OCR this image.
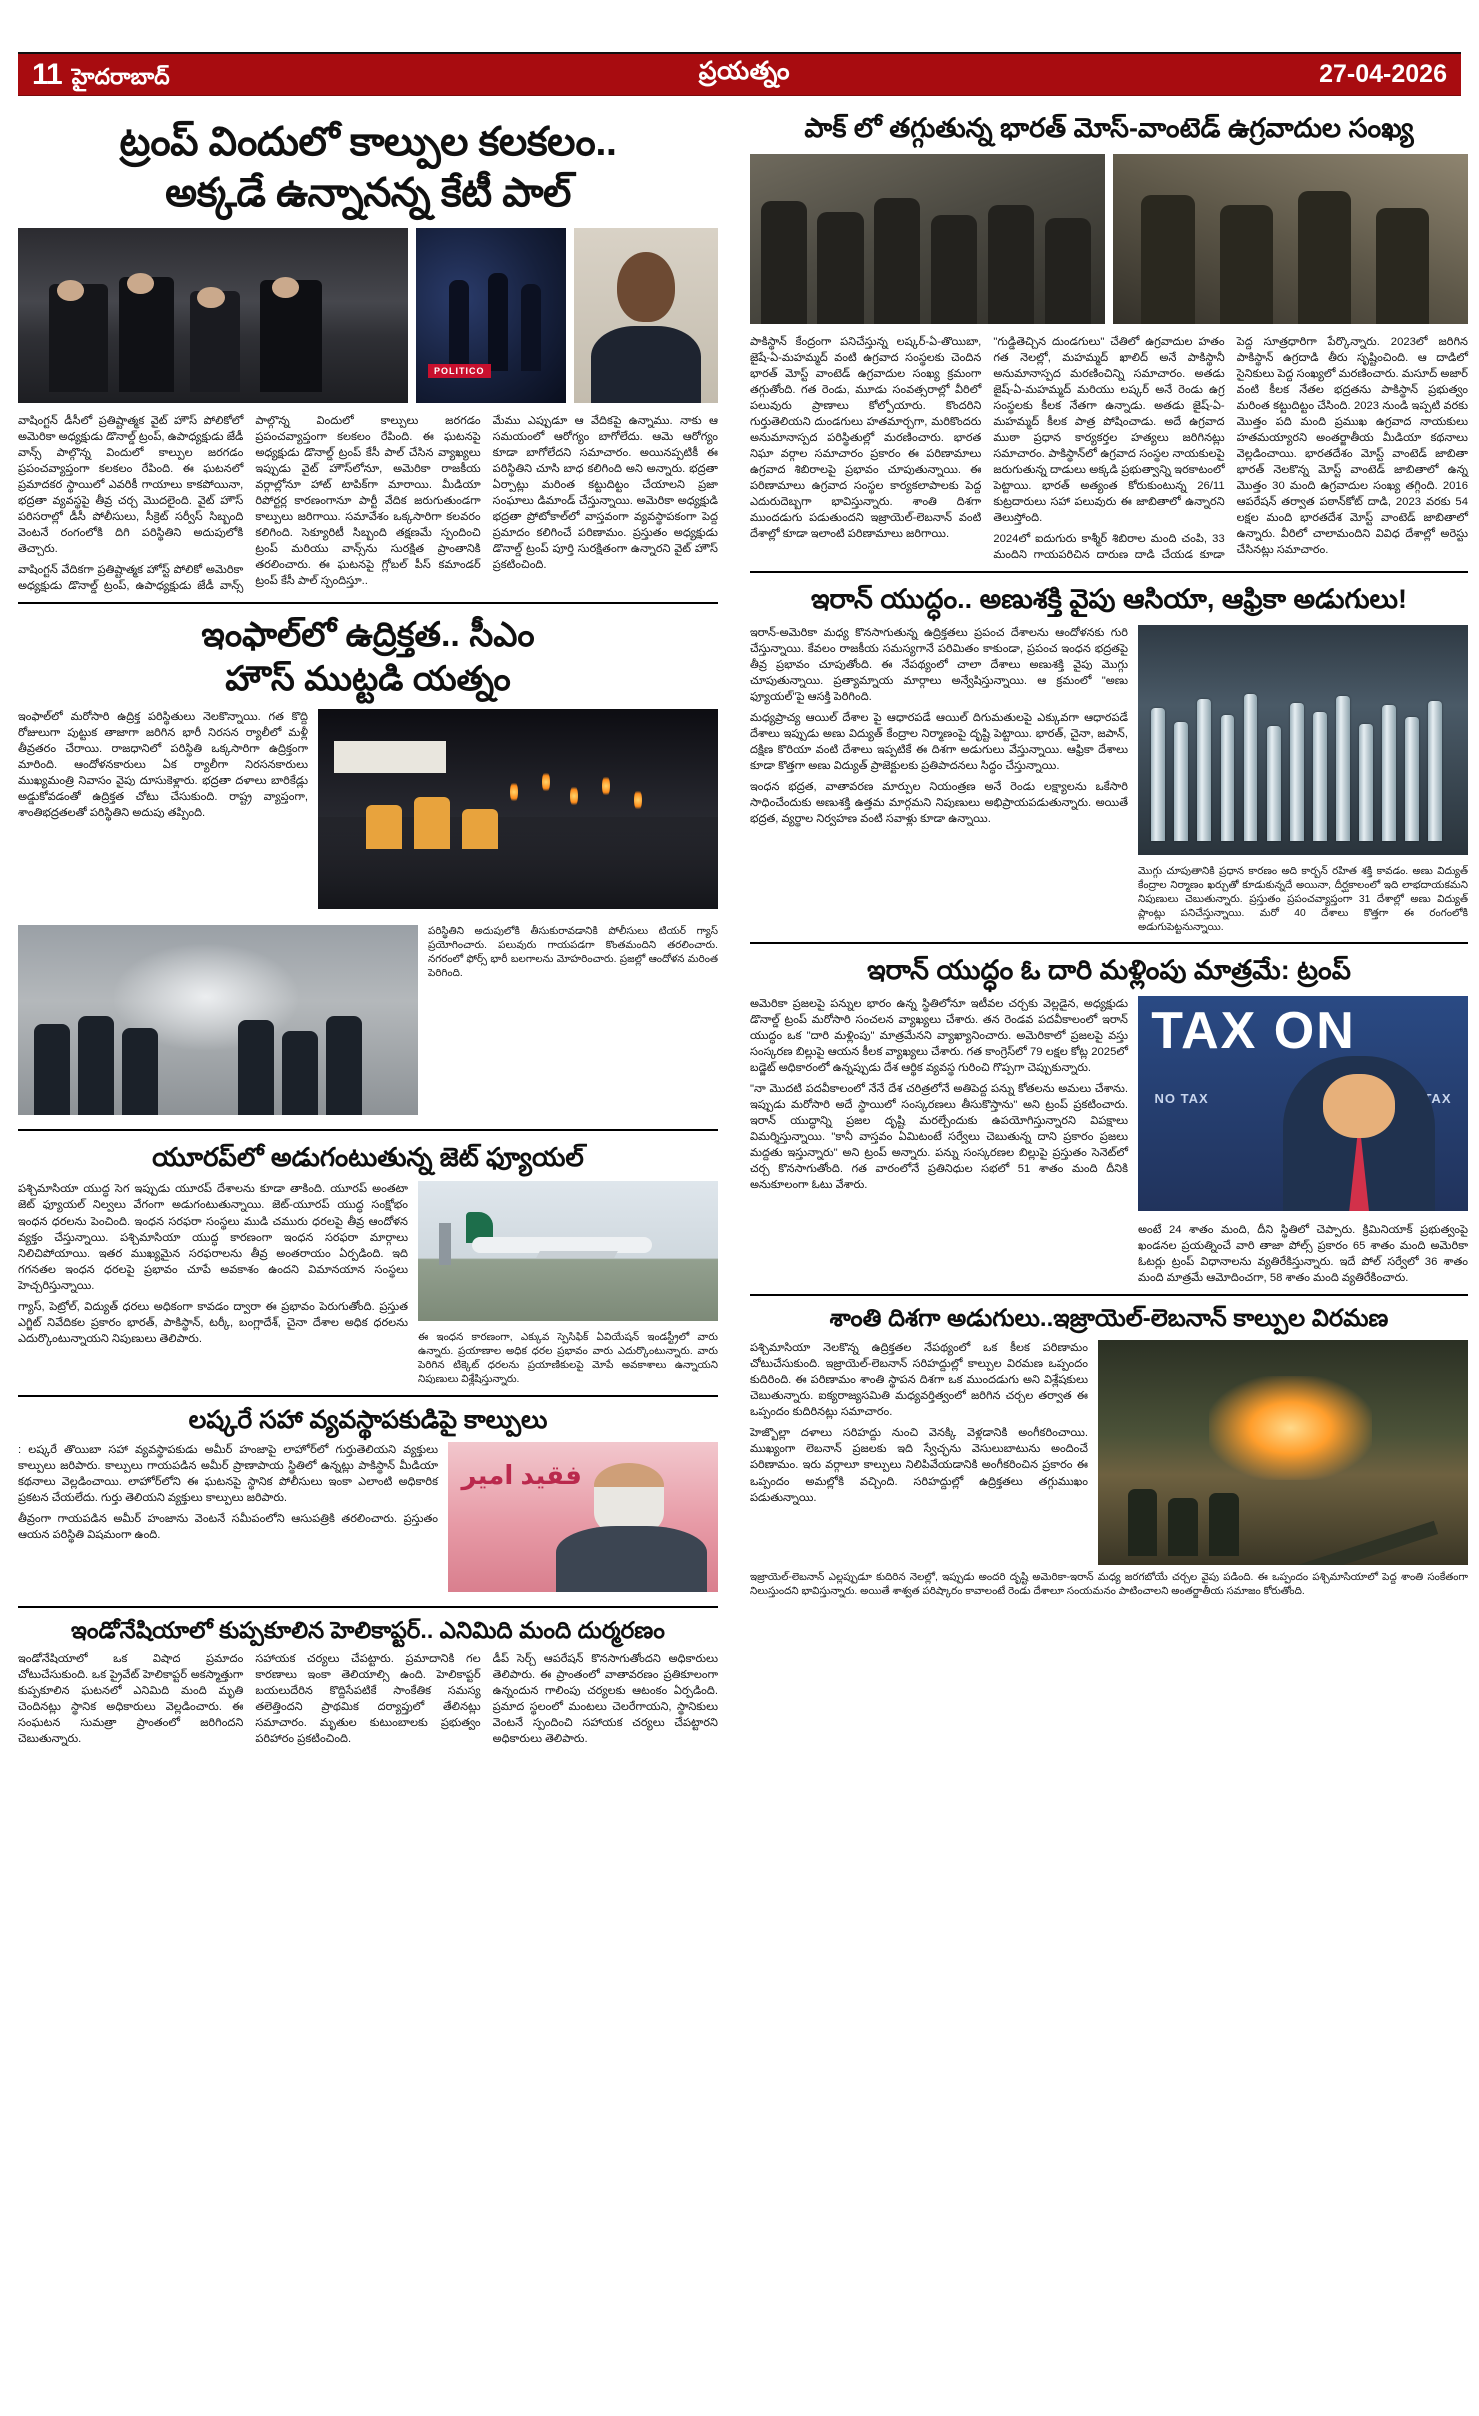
11 హైదరాబాద్	ప్రయత్నం	27-04-2026
ట్రంప్ విందులో కాల్పుల కలకలం..
అక్కడే ఉన్నానన్న కేటీ పాల్
POLITICO

వాషింగ్టన్ డీసీలో ప్రతిష్టాత్మక వైట్ హౌస్ పోలికోలో అమెరికా అధ్యక్షుడు డొనాల్డ్ ట్రంప్, ఉపాధ్యక్షుడు జేడీ వాన్స్ పాల్గొన్న విందులో కాల్పుల జరగడం ప్రపంచవ్యాప్తంగా కలకలం రేపింది. ఈ ఘటనలో ప్రమాదకర స్థాయిలో ఎవరికీ గాయాలు కాకపోయినా, భద్రతా వ్యవస్థపై తీవ్ర చర్చ మొదలైంది. వైట్ హౌస్ పరిసరాల్లో డీసీ పోలీసులు, సీక్రెట్ సర్వీస్ సిబ్బంది వెంటనే రంగంలోకి దిగి పరిస్థితిని అదుపులోకి తెచ్చారు.

వాషింగ్టన్ వేదికగా ప్రతిష్టాత్మక హోస్ట్ పోలికో అమెరికా అధ్యక్షుడు డొనాల్డ్ ట్రంప్, ఉపాధ్యక్షుడు జేడీ వాన్స్ పాల్గొన్న విందులో కాల్పులు జరగడం ప్రపంచవ్యాప్తంగా కలకలం రేపింది. ఈ ఘటనపై అధ్యక్షుడు డొనాల్డ్ ట్రంప్ కేసీ పాల్ చేసిన వ్యాఖ్యలు ఇప్పుడు వైట్ హౌస్‌లోనూ, అమెరికా రాజకీయ వర్గాల్లోనూ హాట్ టాపిక్‌గా మారాయి. మీడియా రిపోర్టర్ల కారణంగానూ పార్టీ వేదిక జరుగుతుండగా కాల్పులు జరిగాయి. సమావేశం ఒక్కసారిగా కలవరం కలిగింది. సెక్యూరిటీ సిబ్బంది తక్షణమే స్పందించి ట్రంప్ మరియు వాన్స్‌ను సురక్షిత ప్రాంతానికి తరలించారు. ఈ ఘటనపై గ్లోబల్ పీస్ కమాండర్ ట్రంప్ కేసీ పాల్ స్పందిస్తూ..

మేము ఎప్పుడూ ఆ వేదికపై ఉన్నాము. నాకు ఆ సమయంలో ఆరోగ్యం బాగోలేదు. ఆమె ఆరోగ్యం కూడా బాగోలేదని సమాచారం. అయినప్పటికీ ఈ పరిస్థితిని చూసి బాధ కలిగింది అని అన్నారు. భద్రతా ఏర్పాట్లు మరింత కట్టుదిట్టం చేయాలని ప్రజా సంఘాలు డిమాండ్ చేస్తున్నాయి. అమెరికా అధ్యక్షుడి భద్రతా ప్రోటోకాల్‌లో వాస్తవంగా వ్యవస్థాపకంగా పెద్ద ప్రమాదం కలిగించే పరిణామం. ప్రస్తుతం అధ్యక్షుడు డొనాల్డ్ ట్రంప్ పూర్తి సురక్షితంగా ఉన్నారని వైట్ హౌస్ ప్రకటించింది.

ఇంఫాల్‌లో ఉద్రిక్తత.. సీఎం
హౌస్ ముట్టడి యత్నం
ఇంఫాల్‌లో మరోసారి ఉద్రిక్త పరిస్థితులు నెలకొన్నాయి. గత కొద్ది రోజులుగా పుట్టుక తాజాగా జరిగిన భారీ నిరసన ర్యాలీలో మళ్లీ తీవ్రతరం చేరాయి. రాజధానిలో పరిస్థితి ఒక్కసారిగా ఉద్రిక్తంగా మారింది. ఆందోళనకారులు ఏక ర్యాలీగా నిరసనకారులు ముఖ్యమంత్రి నివాసం వైపు దూసుకెళ్లారు. భద్రతా దళాలు బారికేడ్లు అడ్డుకోవడంతో ఉద్రిక్తత చోటు చేసుకుంది. రాష్ట్ర వ్యాప్తంగా, శాంతిభద్రతలతో పరిస్థితిని అదుపు తప్పింది.
పరిస్థితిని అదుపులోకి తీసుకురావడానికి పోలీసులు టియర్ గ్యాస్ ప్రయోగించారు. పలువురు గాయపడగా కొంతమందిని తరలించారు. నగరంలో ఫోర్స్ భారీ బలగాలను మోహరించారు. ప్రజల్లో ఆందోళన మరింత పెరిగింది.
యూరప్‌లో అడుగంటుతున్న జెట్ ఫ్యూయల్
పశ్చిమాసియా యుద్ధ సెగ ఇప్పుడు యూరప్ దేశాలను కూడా తాకింది. యూరప్ అంతటా జెట్ ఫ్యూయల్ నిల్వలు వేగంగా అడుగంటుతున్నాయి. జెట్-యూరప్ యుద్ధ సంక్షోభం ఇంధన ధరలను పెంచింది. ఇంధన సరఫరా సంస్థలు ముడి చమురు ధరలపై తీవ్ర ఆందోళన వ్యక్తం చేస్తున్నాయి. పశ్చిమాసియా యుద్ధ కారణంగా ఇంధన సరఫరా మార్గాలు నిలిచిపోయాయి. ఇతర ముఖ్యమైన సరఫరాలను తీవ్ర అంతరాయం ఏర్పడింది. ఇది గగనతల ఇంధన ధరలపై ప్రభావం చూపే అవకాశం ఉందని విమానయాన సంస్థలు హెచ్చరిస్తున్నాయి.
ఈ ఇంధన కారణంగా, ఎక్కువ స్పెసిఫిక్ ఏవియేషన్ ఇండస్ట్రీలో వారు ఉన్నారు. ప్రయాణాల అధిక ధరల ప్రభావం వారు ఎదుర్కొంటున్నారు. వారు పెరిగిన టిక్కెట్ ధరలను ప్రయాణికులపై మోపే అవకాశాలు ఉన్నాయని నిపుణులు విశ్లేషిస్తున్నారు.
గ్యాస్, పెట్రోల్, విద్యుత్ ధరలు అధికంగా కావడం ద్వారా ఈ ప్రభావం పెరుగుతోంది. ప్రస్తుత ఎగ్జిట్ నివేదికల ప్రకారం భారత్, పాకిస్థాన్, టర్కీ, బంగ్లాదేశ్, చైనా దేశాల అధిక ధరలను ఎదుర్కొంటున్నాయని నిపుణులు తెలిపారు.
లష్కరే సహా వ్యవస్థాపకుడిపై కాల్పులు
فقید امیر
: లష్కరే తొయిబా సహా వ్యవస్థాపకుడు అమీర్ హంజాపై లాహోర్‌లో గుర్తుతెలియని వ్యక్తులు కాల్పులు జరిపారు. కాల్పులు గాయపడిన అమీర్ ప్రాణాపాయ స్థితిలో ఉన్నట్లు పాకిస్థాన్ మీడియా కథనాలు వెల్లడించాయి. లాహోర్‌లోని ఈ ఘటనపై స్థానిక పోలీసులు ఇంకా ఎలాంటి అధికారిక ప్రకటన చేయలేదు. గుర్తు తెలియని వ్యక్తులు కాల్పులు జరిపారు.
తీవ్రంగా గాయపడిన అమీర్ హంజాను వెంటనే సమీపంలోని ఆసుపత్రికి తరలించారు. ప్రస్తుతం ఆయన పరిస్థితి విషమంగా ఉంది.
ఇండోనేషియాలో కుప్పకూలిన హెలికాప్టర్.. ఎనిమిది మంది దుర్మరణం

ఇండోనేషియాలో ఒక విషాద ప్రమాదం చోటుచేసుకుంది. ఒక ప్రైవేట్ హెలికాప్టర్ అకస్మాత్తుగా కుప్పకూలిన ఘటనలో ఎనిమిది మంది మృతి చెందినట్లు స్థానిక అధికారులు వెల్లడించారు. ఈ సంఘటన సుమత్రా ప్రాంతంలో జరిగిందని చెబుతున్నారు.

సహాయక చర్యలు చేపట్టారు. ప్రమాదానికి గల కారణాలు ఇంకా తెలియాల్సి ఉంది. హెలికాప్టర్ బయలుదేరిన కొద్దిసేపటికే సాంకేతిక సమస్య తలెత్తిందని ప్రాథమిక దర్యాప్తులో తేలినట్లు సమాచారం. మృతుల కుటుంబాలకు ప్రభుత్వం పరిహారం ప్రకటించింది.

డీప్ సెర్చ్ ఆపరేషన్ కొనసాగుతోందని అధికారులు తెలిపారు. ఈ ప్రాంతంలో వాతావరణం ప్రతికూలంగా ఉన్నందున గాలింపు చర్యలకు ఆటంకం ఏర్పడింది. ప్రమాద స్థలంలో మంటలు చెలరేగాయని, స్థానికులు వెంటనే స్పందించి సహాయక చర్యలు చేపట్టారని అధికారులు తెలిపారు.

పాక్ లో తగ్గుతున్న భారత్ మోస్-వాంటెడ్ ఉగ్రవాదుల సంఖ్య

పాకిస్థాన్ కేంద్రంగా పనిచేస్తున్న లష్కర్-ఏ-తొయిబా, జైషే-ఏ-మహమ్మద్ వంటి ఉగ్రవాద సంస్థలకు చెందిన భారత్ మోస్ట్ వాంటెడ్ ఉగ్రవాదుల సంఖ్య క్రమంగా తగ్గుతోంది. గత రెండు, మూడు సంవత్సరాల్లో వీరిలో పలువురు ప్రాణాలు కోల్పోయారు. కొందరిని గుర్తుతెలియని దుండగులు హతమార్చగా, మరికొందరు అనుమానాస్పద పరిస్థితుల్లో మరణించారు. భారత నిఘా వర్గాల సమాచారం ప్రకారం ఈ పరిణామాలు ఉగ్రవాద శిబిరాలపై ప్రభావం చూపుతున్నాయి. ఈ పరిణామాలు ఉగ్రవాద సంస్థల కార్యకలాపాలకు పెద్ద ఎదురుదెబ్బగా భావిస్తున్నారు. శాంతి దిశగా ముందడుగు పడుతుందని ఇజ్రాయెల్-లెబనాన్ వంటి దేశాల్లో కూడా ఇలాంటి పరిణామాలు జరిగాయి.

"గుడ్డితెచ్చిన దుండగులు" చేతిలో ఉగ్రవాదుల హతం గత నెలల్లో, మహమ్మద్ ఖాలిద్ అనే పాకిస్థానీ అనుమానాస్పద మరణించిన్ని సమాచారం. అతడు జైష్-ఏ-మహమ్మద్ మరియు లష్కర్ అనే రెండు ఉగ్ర సంస్థలకు కీలక నేతగా ఉన్నాడు. అతడు జైష్-ఏ-మహమ్మద్ కీలక పాత్ర పోషించాడు. అదే ఉగ్రవాద ముఠా ప్రధాన కార్యకర్తల హత్యలు జరిగినట్లు సమాచారం. పాకిస్థాన్‌లో ఉగ్రవాద సంస్థల నాయకులపై జరుగుతున్న దాడులు అక్కడి ప్రభుత్వాన్ని ఇరకాటంలో పెట్టాయి. భారత్ అత్యంత కోరుకుంటున్న 26/11 కుట్రదారులు సహా పలువురు ఈ జాబితాలో ఉన్నారని తెలుస్తోంది.

2024లో ఐదుగురు కాశ్మీర్ శిబిరాల మంది చంపి, 33 మందిని గాయపరిచిన దారుణ దాడి చేయడ కూడా పెద్ద సూత్రధారిగా పేర్కొన్నారు. 2023లో జరిగిన పాకిస్థాన్ ఉగ్రదాడి తీరు సృష్టించింది. ఆ దాడిలో సైనికులు పెద్ద సంఖ్యలో మరణించారు. మసూద్ అజార్ వంటి కీలక నేతల భద్రతను పాకిస్థాన్ ప్రభుత్వం మరింత కట్టుదిట్టం చేసింది. 2023 నుండి ఇప్పటి వరకు మొత్తం పది మంది ప్రముఖ ఉగ్రవాద నాయకులు హతమయ్యారని అంతర్జాతీయ మీడియా కథనాలు వెల్లడించాయి. భారతదేశం మోస్ట్ వాంటెడ్ జాబితా భారత్ నెలకొన్న మోస్ట్ వాంటెడ్ జాబితాలో ఉన్న మొత్తం 30 మంది ఉగ్రవాదుల సంఖ్య తగ్గింది. 2016 ఆపరేషన్ తర్వాత పఠాన్‌కోట్ దాడి, 2023 వరకు 54 లక్షల మంది భారతదేశ మోస్ట్ వాంటెడ్ జాబితాలో ఉన్నారు. వీరిలో చాలామందిని వివిధ దేశాల్లో అరెస్టు చేసినట్లు సమాచారం.

ఇరాన్ యుద్ధం.. అణుశక్తి వైపు ఆసియా, ఆఫ్రికా అడుగులు!
ఇరాన్-అమెరికా మధ్య కొనసాగుతున్న ఉద్రిక్తతలు ప్రపంచ దేశాలను ఆందోళనకు గురి చేస్తున్నాయి. కేవలం రాజకీయ సమస్యగానే పరిమితం కాకుండా, ప్రపంచ ఇంధన భద్రతపై తీవ్ర ప్రభావం చూపుతోంది. ఈ నేపథ్యంలో చాలా దేశాలు అణుశక్తి వైపు మొగ్గు చూపుతున్నాయి. ప్రత్యామ్నాయ మార్గాలు అన్వేషిస్తున్నాయి. ఆ క్రమంలో "అణు ఫ్యూయల్"పై ఆసక్తి పెరిగింది.
మధ్యప్రాచ్య ఆయిల్ దేశాల పై ఆధారపడే ఆయిల్ దిగుమతులపై ఎక్కువగా ఆధారపడే దేశాలు ఇప్పుడు అణు విద్యుత్ కేంద్రాల నిర్మాణంపై దృష్టి పెట్టాయి. భారత్, చైనా, జపాన్, దక్షిణ కొరియా వంటి దేశాలు ఇప్పటికే ఈ దిశగా అడుగులు వేస్తున్నాయి. ఆఫ్రికా దేశాలు కూడా కొత్తగా అణు విద్యుత్ ప్రాజెక్టులకు ప్రతిపాదనలు సిద్ధం చేస్తున్నాయి.
మొగ్గు చూపుతానికి ప్రధాన కారణం అది కార్బన్ రహిత శక్తి కావడం. అణు విద్యుత్ కేంద్రాల నిర్మాణం ఖర్చుతో కూడుకున్నదే అయినా, దీర్ఘకాలంలో ఇది లాభదాయకమని నిపుణులు చెబుతున్నారు. ప్రస్తుతం ప్రపంచవ్యాప్తంగా 31 దేశాల్లో అణు విద్యుత్ ప్లాంట్లు పనిచేస్తున్నాయి. మరో 40 దేశాలు కొత్తగా ఈ రంగంలోకి అడుగుపెట్టనున్నాయి.
ఇంధన భద్రత, వాతావరణ మార్పుల నియంత్రణ అనే రెండు లక్ష్యాలను ఒకేసారి సాధించేందుకు అణుశక్తి ఉత్తమ మార్గమని నిపుణులు అభిప్రాయపడుతున్నారు. అయితే భద్రత, వ్యర్థాల నిర్వహణ వంటి సవాళ్లు కూడా ఉన్నాయి.
ఇరాన్ యుద్ధం ఓ దారి మళ్లింపు మాత్రమే: ట్రంప్
TAX ON
NO TAX	NO TAX
అమెరికా ప్రజలపై పన్నుల భారం ఉన్న స్థితిలోనూ ఇటీవల చర్చకు వెల్లడైన, అధ్యక్షుడు డొనాల్డ్ ట్రంప్ మరోసారి సంచలన వ్యాఖ్యలు చేశారు. తన రెండవ పదవీకాలంలో ఇరాన్ యుద్ధం ఒక "దారి మళ్లింపు" మాత్రమేనని వ్యాఖ్యానించారు. అమెరికాలో ప్రజలపై వస్తు సంస్కరణ బిల్లుపై ఆయన కీలక వ్యాఖ్యలు చేశారు. గత కాంగ్రెస్‌లో 79 లక్షల కోట్ల 2025లో బడ్జెట్ అధికారంలో ఉన్నప్పుడు దేశ ఆర్థిక వ్యవస్థ గురించి గొప్పగా చెప్పుకున్నారు.
"నా మొదటి పదవీకాలంలో నేనే దేశ చరిత్రలోనే అతిపెద్ద పన్ను కోతలను అమలు చేశాను. ఇప్పుడు మరోసారి అదే స్థాయిలో సంస్కరణలు తీసుకొస్తాను" అని ట్రంప్ ప్రకటించారు. ఇరాన్ యుద్ధాన్ని ప్రజల దృష్టి మరల్చేందుకు ఉపయోగిస్తున్నారని విపక్షాలు విమర్శిస్తున్నాయి. "కానీ వాస్తవం ఏమిటంటే సర్వేలు చెబుతున్న దాని ప్రకారం ప్రజలు మద్దతు ఇస్తున్నారు" అని ట్రంప్ అన్నారు. పన్ను సంస్కరణల బిల్లుపై ప్రస్తుతం సెనెట్‌లో చర్చ కొనసాగుతోంది. గత వారంలోనే ప్రతినిధుల సభలో 51 శాతం మంది దీనికి అనుకూలంగా ఓటు వేశారు.
అంటే 24 శాతం మంది, దీని స్థితిలో చెప్పారు. క్రిమినియాక్ ప్రభుత్వంపై ఖండనల ప్రయత్నించే వారి తాజా పోల్స్ ప్రకారం 65 శాతం మంది అమెరికా ఓటర్లు ట్రంప్ విధానాలను వ్యతిరేకిస్తున్నారు. ఇదే పోల్ సర్వేలో 36 శాతం మంది మాత్రమే ఆమోదించగా, 58 శాతం మంది వ్యతిరేకించారు.
శాంతి దిశగా అడుగులు..ఇజ్రాయెల్-లెబనాన్ కాల్పుల విరమణ
పశ్చిమాసియా నెలకొన్న ఉద్రిక్తతల నేపథ్యంలో ఒక కీలక పరిణామం చోటుచేసుకుంది. ఇజ్రాయెల్-లెబనాన్ సరిహద్దుల్లో కాల్పుల విరమణ ఒప్పందం కుదిరింది. ఈ పరిణామం శాంతి స్థాపన దిశగా ఒక ముందడుగు అని విశ్లేషకులు చెబుతున్నారు. ఐక్యరాజ్యసమితి మధ్యవర్తిత్వంలో జరిగిన చర్చల తర్వాత ఈ ఒప్పందం కుదిరినట్లు సమాచారం.
హెజ్బొల్లా దళాలు సరిహద్దు నుంచి వెనక్కి వెళ్లడానికి అంగీకరించాయి. ముఖ్యంగా లెబనాన్ ప్రజలకు ఇది స్వేచ్ఛను వెసులుబాటును అందించే పరిణామం. ఇరు వర్గాలూ కాల్పులు నిలిపివేయడానికి అంగీకరించిన ప్రకారం ఈ ఒప్పందం అమల్లోకి వచ్చింది. సరిహద్దుల్లో ఉద్రిక్తతలు తగ్గుముఖం పడుతున్నాయి.
ఇజ్రాయెల్-లెబనాన్ ఎల్లప్పుడూ కుదిరిన నెలల్లో, ఇప్పుడు అందరి దృష్టి అమెరికా-ఇరాన్ మధ్య జరగబోయే చర్చల వైపు పడింది. ఈ ఒప్పందం పశ్చిమాసియాలో పెద్ద శాంతి సంకేతంగా నిలుస్తుందని భావిస్తున్నారు. అయితే శాశ్వత పరిష్కారం కావాలంటే రెండు దేశాలూ సంయమనం పాటించాలని అంతర్జాతీయ సమాజం కోరుతోంది.
